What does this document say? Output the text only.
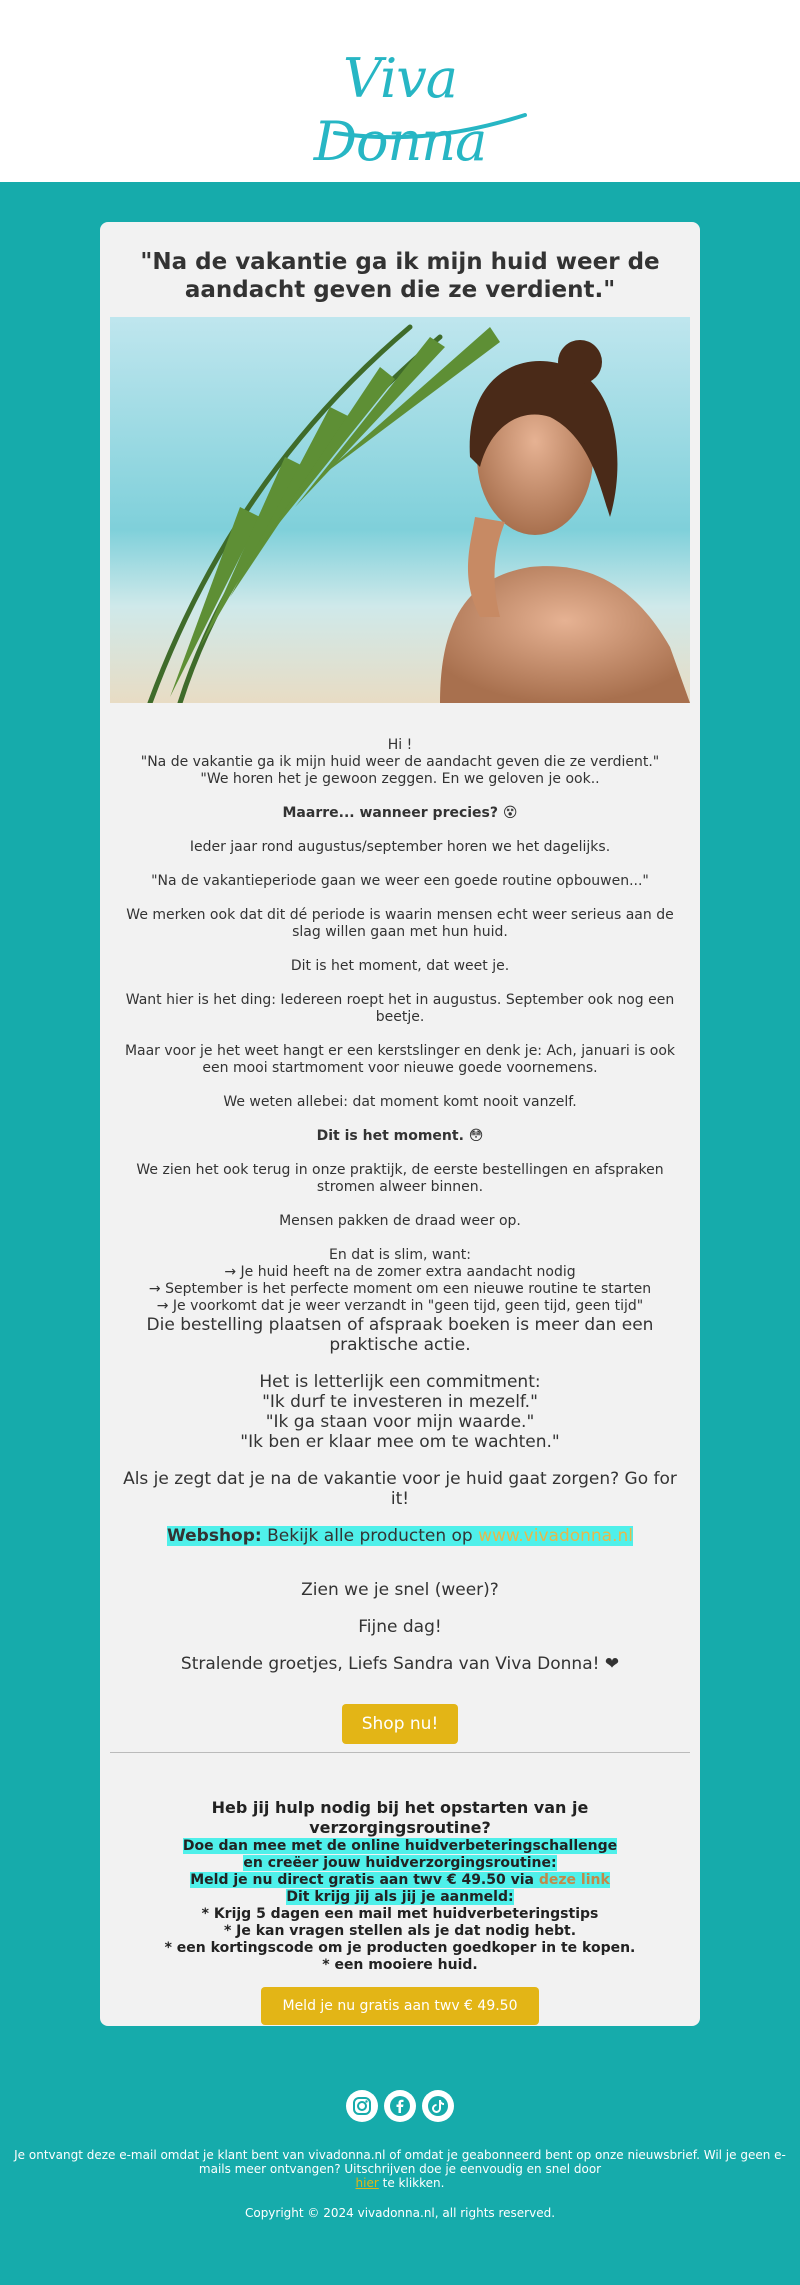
Viva Donna
"Na de vakantie ga ik mijn huid weer de aandacht geven die ze verdient."

Hi !

"Na de vakantie ga ik mijn huid weer de aandacht geven die ze verdient."

"We horen het je gewoon zeggen. En we geloven je ook..

Maarre... wanneer precies? 😵

Ieder jaar rond augustus/september horen we het dagelijks.

"Na de vakantieperiode gaan we weer een goede routine opbouwen..."

We merken ook dat dit dé periode is waarin mensen echt weer serieus aan de slag willen gaan met hun huid.

Dit is het moment, dat weet je.

Want hier is het ding: Iedereen roept het in augustus. September ook nog een beetje.

Maar voor je het weet hangt er een kerstslinger en denk je: Ach, januari is ook een mooi startmoment voor nieuwe goede voornemens.

We weten allebei: dat moment komt nooit vanzelf.

Dit is het moment. 😳

We zien het ook terug in onze praktijk, de eerste bestellingen en afspraken stromen alweer binnen.

Mensen pakken de draad weer op.

En dat is slim, want:

→ Je huid heeft na de zomer extra aandacht nodig

→ September is het perfecte moment om een nieuwe routine te starten

→ Je voorkomt dat je weer verzandt in "geen tijd, geen tijd, geen tijd"

Die bestelling plaatsen of afspraak boeken is meer dan een praktische actie.

Het is letterlijk een commitment:

"Ik durf te investeren in mezelf."

"Ik ga staan voor mijn waarde."

"Ik ben er klaar mee om te wachten."

Als je zegt dat je na de vakantie voor je huid gaat zorgen? Go for it!

Webshop: Bekijk alle producten op www.vivadonna.nl

Zien we je snel (weer)?

Fijne dag!

Stralende groetjes, Liefs Sandra van Viva Donna! ❤

Shop nu!
Heb jij hulp nodig bij het opstarten van je verzorgingsroutine?
Doe dan mee met de online huidverbeteringschallenge
en creëer jouw huidverzorgingsroutine:
Meld je nu direct gratis aan twv € 49.50 via deze link
Dit krijg jij als jij je aanmeld:
* Krijg 5 dagen een mail met huidverbeteringstips
* Je kan vragen stellen als je dat nodig hebt.
* een kortingscode om je producten goedkoper in te kopen.
* een mooiere huid.
Meld je nu gratis aan twv € 49.50
Je ontvangt deze e-mail omdat je klant bent van vivadonna.nl of omdat je geabonneerd bent op onze nieuwsbrief. Wil je geen e-mails meer ontvangen? Uitschrijven doe je eenvoudig en snel door
hier te klikken.
Copyright © 2024 vivadonna.nl, all rights reserved.
